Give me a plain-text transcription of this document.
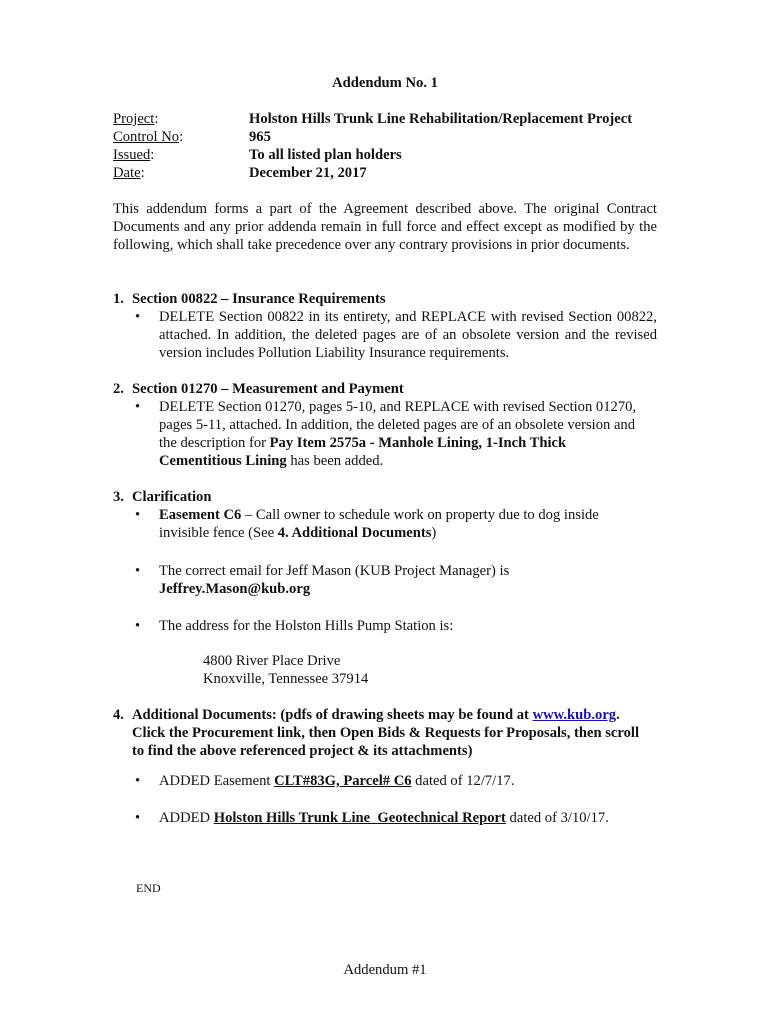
Addendum No. 1
Project:	Holston Hills Trunk Line Rehabilitation/Replacement Project
Control No:	965
Issued:	To all listed plan holders
Date:	December 21, 2017
This addendum forms a part of the Agreement described above. The original Contract Documents and any prior addenda remain in full force and effect except as modified by the following, which shall take precedence over any contrary provisions in prior documents.
1. Section 00822 – Insurance Requirements
•	DELETE Section 00822 in its entirety, and REPLACE with revised Section 00822, attached. In addition, the deleted pages are of an obsolete version and the revised version includes Pollution Liability Insurance requirements.
2. Section 01270 – Measurement and Payment
•	DELETE Section 01270, pages 5-10, and REPLACE with revised Section 01270, pages 5-11, attached. In addition, the deleted pages are of an obsolete version and the description for Pay Item 2575a - Manhole Lining, 1-Inch Thick Cementitious Lining has been added.
3. Clarification
•	Easement C6 – Call owner to schedule work on property due to dog inside invisible fence (See 4. Additional Documents)
•	The correct email for Jeff Mason (KUB Project Manager) is
Jeffrey.Mason@kub.org
•	The address for the Holston Hills Pump Station is:
4800 River Place Drive
Knoxville, Tennessee 37914
4. Additional Documents: (pdfs of drawing sheets may be found at www.kub.org. Click the Procurement link, then Open Bids & Requests for Proposals, then scroll to find the above referenced project & its attachments)
•	ADDED Easement CLT#83G, Parcel# C6 dated of 12/7/17.
•	ADDED Holston Hills Trunk Line_Geotechnical Report dated of 3/10/17.
END
Addendum #1
